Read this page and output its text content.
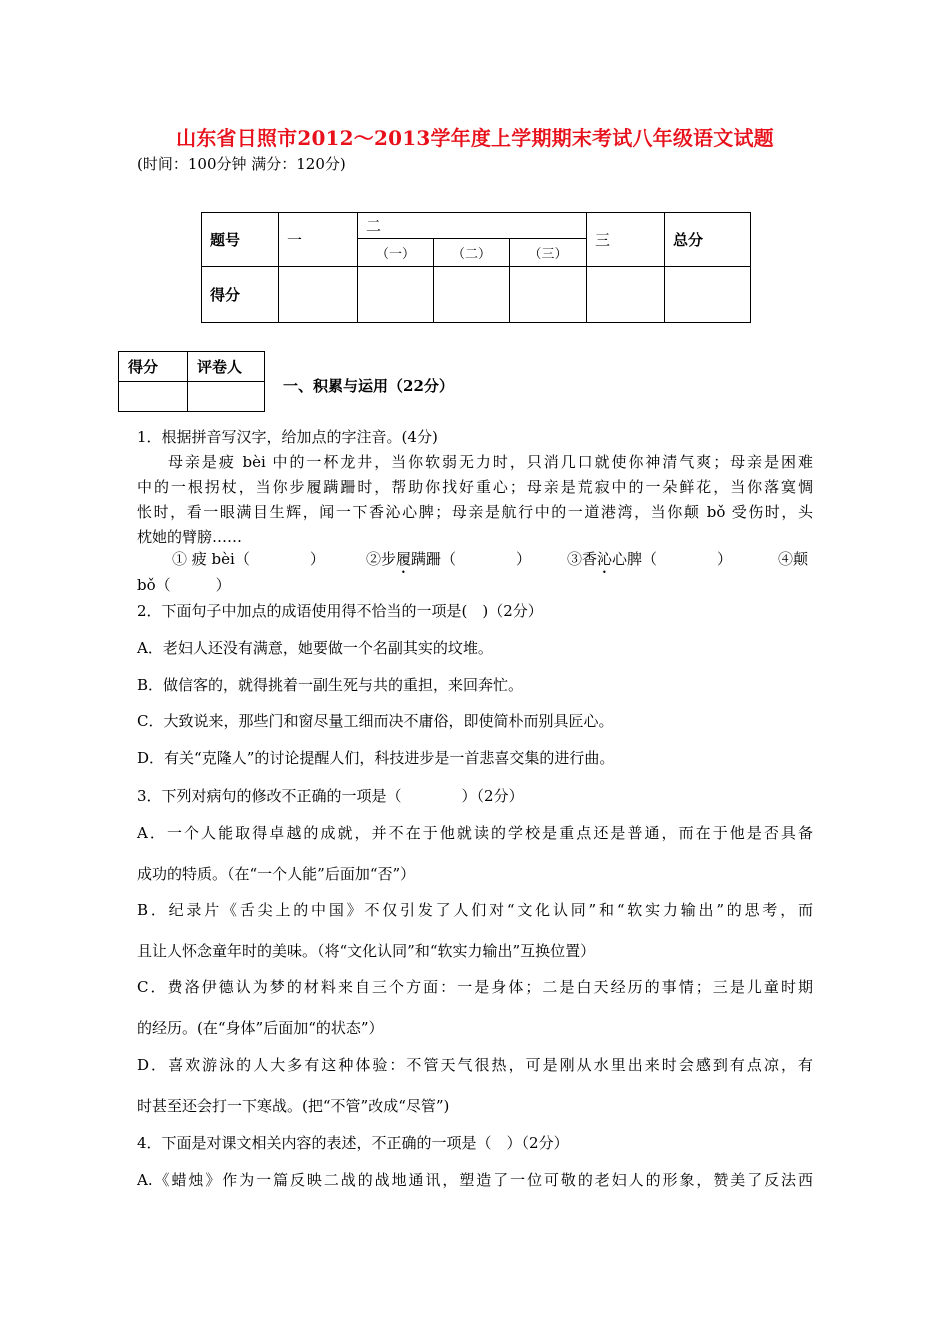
山东省日照市2012～2013学年度上学期期末考试八年级语文试题
(时间：100分钟 满分：120分)
题号	一	二			三	总分
		（一）	（二）	（三）		
得分						
得分	评卷人

一、积累与运用（22分）
1．根据拼音写汉字，给加点的字注音。(4分)
母亲是疲 bèi 中的一杯龙井，当你软弱无力时，只消几口就使你神清气爽；母亲是困难
中的一根拐杖，当你步履蹒跚时，帮助你找好重心；母亲是荒寂中的一朵鲜花，当你落寞惆
怅时，看一眼满目生辉，闻一下香沁心脾；母亲是航行中的一道港湾，当你颠 bǒ 受伤时，头
枕她的臂膀……
① 疲 bèi（　　　　）	②步履蹒跚（　　　　） ③香沁心脾（　　　　）	④颠
bǒ（　　　）
2．下面句子中加点的成语使用得不恰当的一项是(　)（2分）
A．老妇人还没有满意，她要做一个名副其实的坟堆。
B．做信客的，就得挑着一副生死与共的重担，来回奔忙。
C．大致说来，那些门和窗尽量工细而决不庸俗，即使简朴而别具匠心。
D．有关“克隆人”的讨论提醒人们，科技进步是一首悲喜交集的进行曲。
3．下列对病句的修改不正确的一项是（　　　　）（2分）
A．一个人能取得卓越的成就，并不在于他就读的学校是重点还是普通，而在于他是否具备
成功的特质。（在“一个人能”后面加“否”）
B．纪录片《舌尖上的中国》不仅引发了人们对“文化认同”和“软实力输出”的思考，而
且让人怀念童年时的美味。（将“文化认同”和“软实力输出”互换位置）
C．费洛伊德认为梦的材料来自三个方面：一是身体；二是白天经历的事情；三是儿童时期
的经历。(在“身体”后面加“的状态”）
D．喜欢游泳的人大多有这种体验：不管天气很热，可是刚从水里出来时会感到有点凉，有
时甚至还会打一下寒战。(把“不管”改成“尽管”)
4．下面是对课文相关内容的表述，不正确的一项是（　）（2分）
A.《蜡烛》作为一篇反映二战的战地通讯，塑造了一位可敬的老妇人的形象，赞美了反法西
